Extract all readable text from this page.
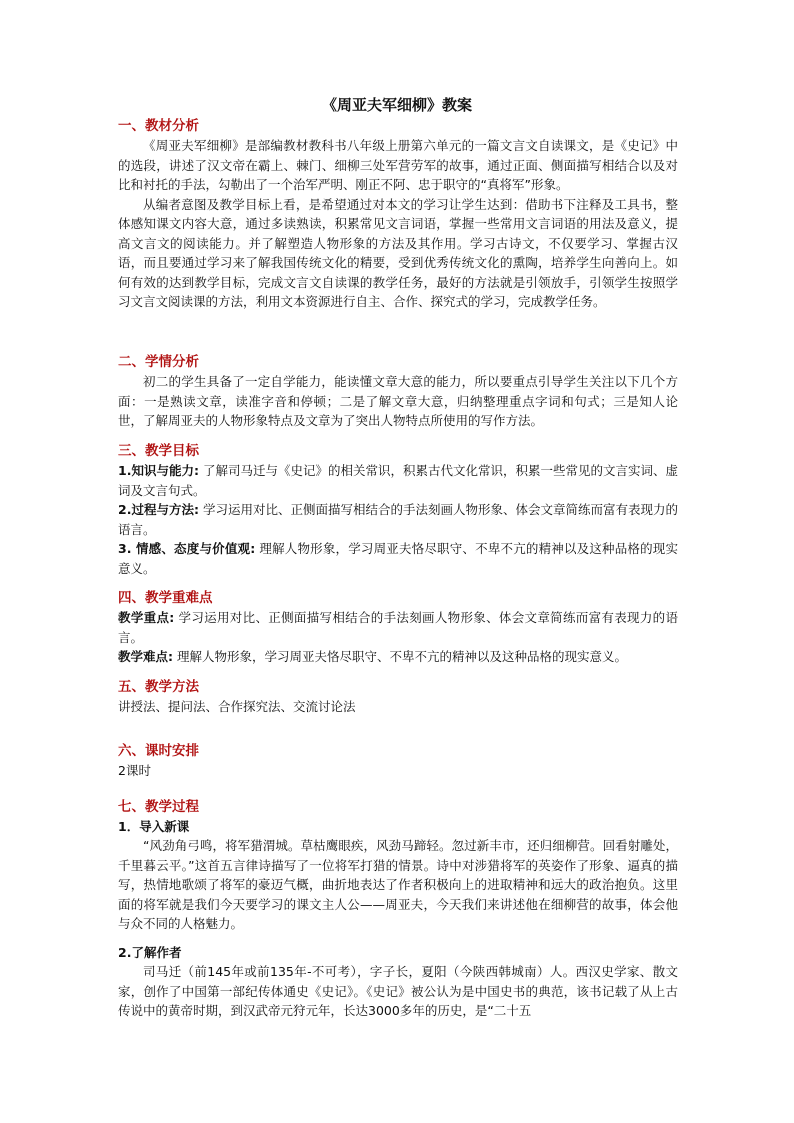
《周亚夫军细柳》教案
一、教材分析

《周亚夫军细柳》是部编教材教科书八年级上册第六单元的一篇文言文自读课文，是《史记》中的选段，讲述了汉文帝在霸上、棘门、细柳三处军营劳军的故事，通过正面、侧面描写相结合以及对比和衬托的手法，勾勒出了一个治军严明、刚正不阿、忠于职守的“真将军”形象。

从编者意图及教学目标上看，是希望通过对本文的学习让学生达到：借助书下注释及工具书，整体感知课文内容大意，通过多读熟读，积累常见文言词语，掌握一些常用文言词语的用法及意义，提高文言文的阅读能力。并了解塑造人物形象的方法及其作用。学习古诗文，不仅要学习、掌握古汉语，而且要通过学习来了解我国传统文化的精要，受到优秀传统文化的熏陶，培养学生向善向上。如何有效的达到教学目标，完成文言文自读课的教学任务，最好的方法就是引领放手，引领学生按照学习文言文阅读课的方法，利用文本资源进行自主、合作、探究式的学习，完成教学任务。

二、学情分析

初二的学生具备了一定自学能力，能读懂文章大意的能力，所以要重点引导学生关注以下几个方面：一是熟读文章，读准字音和停顿；二是了解文章大意，归纳整理重点字词和句式；三是知人论世，了解周亚夫的人物形象特点及文章为了突出人物特点所使用的写作方法。

三、教学目标

1.知识与能力: 了解司马迁与《史记》的相关常识，积累古代文化常识，积累一些常见的文言实词、虚词及文言句式。

2.过程与方法: 学习运用对比、正侧面描写相结合的手法刻画人物形象、体会文章简练而富有表现力的语言。

3. 情感、态度与价值观: 理解人物形象，学习周亚夫恪尽职守、不卑不亢的精神以及这种品格的现实意义。

四、教学重难点

教学重点: 学习运用对比、正侧面描写相结合的手法刻画人物形象、体会文章简练而富有表现力的语言。

教学难点: 理解人物形象，学习周亚夫恪尽职守、不卑不亢的精神以及这种品格的现实意义。

五、教学方法

讲授法、提问法、合作探究法、交流讨论法

六、课时安排

2课时

七、教学过程
1．导入新课

“风劲角弓鸣，将军猎渭城。草枯鹰眼疾，风劲马蹄轻。忽过新丰市，还归细柳营。回看射雕处，千里暮云平。”这首五言律诗描写了一位将军打猎的情景。诗中对涉猎将军的英姿作了形象、逼真的描写，热情地歌颂了将军的豪迈气概，曲折地表达了作者积极向上的进取精神和远大的政治抱负。这里面的将军就是我们今天要学习的课文主人公——周亚夫，今天我们来讲述他在细柳营的故事，体会他与众不同的人格魅力。

2.了解作者

司马迁（前145年或前135年-不可考），字子长，夏阳（今陕西韩城南）人。西汉史学家、散文家，创作了中国第一部纪传体通史《史记》。《史记》被公认为是中国史书的典范，该书记载了从上古传说中的黄帝时期，到汉武帝元狩元年，长达3000多年的历史，是“二十五
